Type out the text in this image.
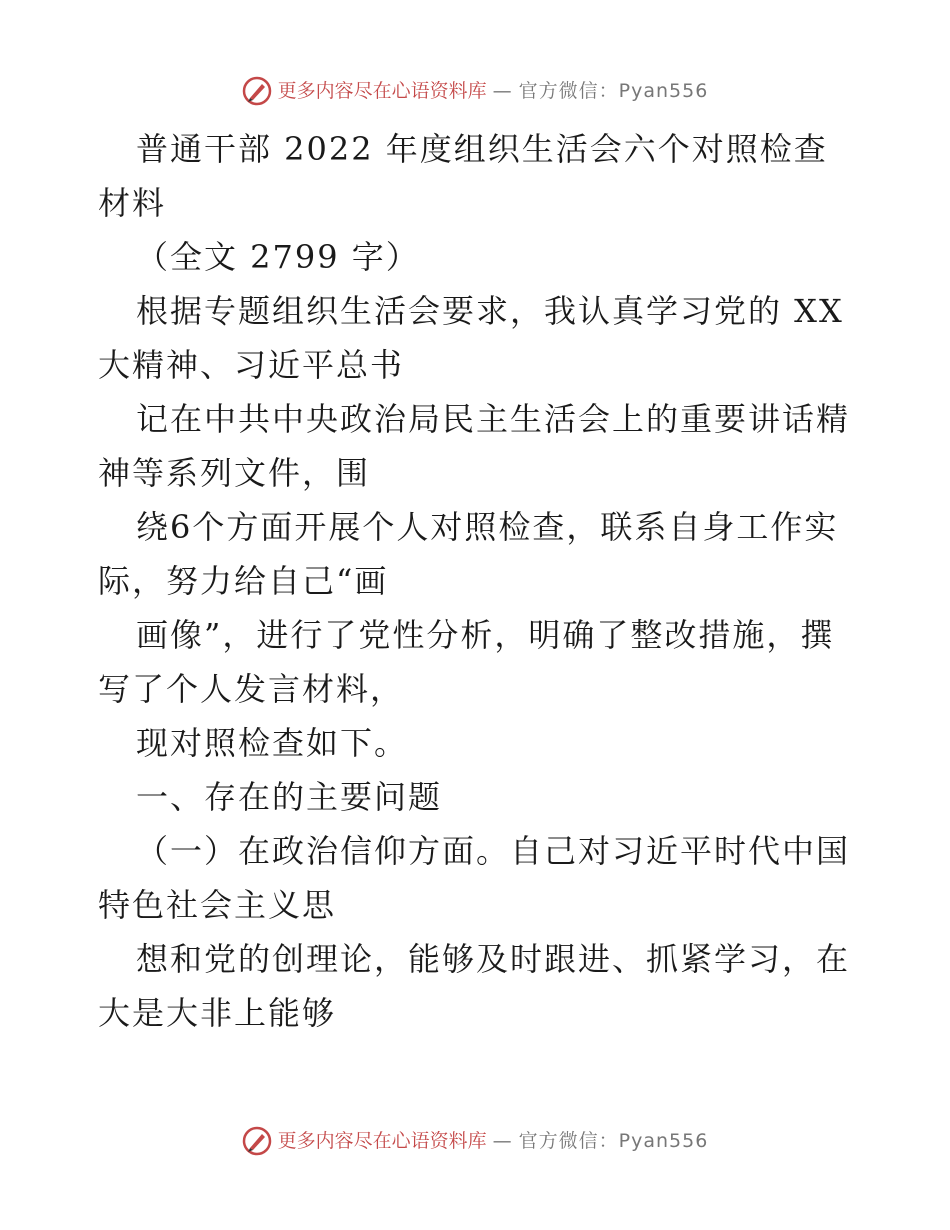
更多内容尽在心语资料库 — 官方微信：Pyan556

普通干部 2022 年度组织生活会六个对照检查材料

（全文 2799 字）

根据专题组织生活会要求，我认真学习党的 XX 大精神、习近平总书

记在中共中央政治局民主生活会上的重要讲话精神等系列文件，围

绕6个方面开展个人对照检查，联系自身工作实际，努力给自己“画

画像”，进行了党性分析，明确了整改措施，撰写了个人发言材料，

现对照检查如下。

一、存在的主要问题

（一）在政治信仰方面。自己对习近平时代中国特色社会主义思

想和党的创理论，能够及时跟进、抓紧学习，在大是大非上能够

更多内容尽在心语资料库 — 官方微信：Pyan556
